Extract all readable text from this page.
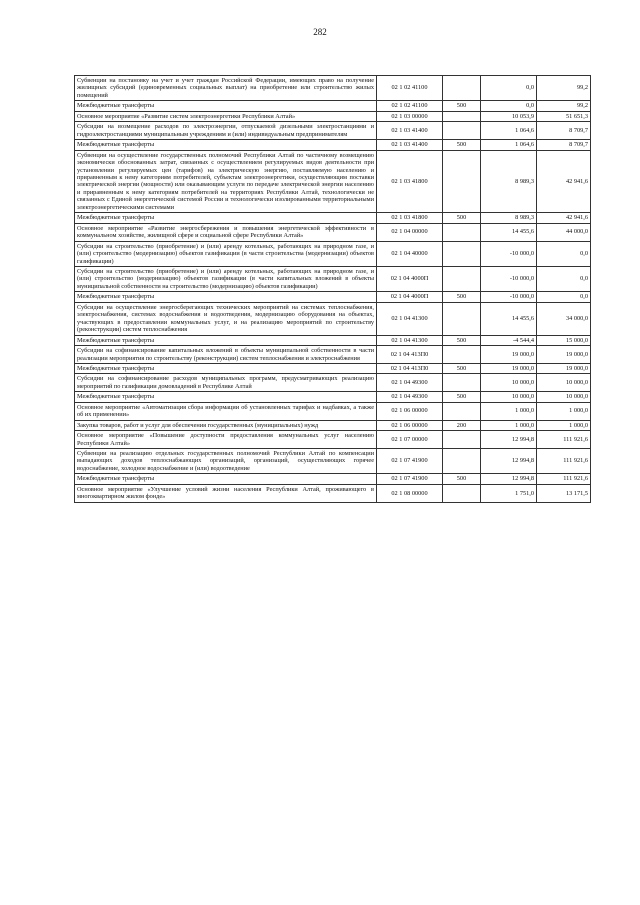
282
Субвенции на постановку на учет и учет граждан Российской Федерации, имеющих право на получение жилищных субсидий (единовременных социальных выплат) на приобретение или строительство жилых помещений	02 1 02 41100		0,0	99,2
Межбюджетные трансферты	02 1 02 41100	500	0,0	99,2
Основное мероприятие «Развитие систем электроэнергетики Республики Алтай»	02 1 03 00000		10 053,9	51 651,3
Субсидии на возмещение расходов по электроэнергии, отпускаемой дизельными электростанциями и гидроэлектростанциями муниципальным учреждениям и (или) индивидуальным предпринимателям	02 1 03 41400		1 064,6	8 709,7
Межбюджетные трансферты	02 1 03 41400	500	1 064,6	8 709,7
Субвенции на осуществление государственных полномочий Республики Алтай по частичному возмещению экономически обоснованных затрат, связанных с осуществлением регулируемых видов деятельности при установлении регулируемых цен (тарифов) на электрическую энергию, поставляемую населению и приравненным к нему категориям потребителей, субъектам электроэнергетики, осуществляющим поставки электрической энергии (мощности) или оказывающим услуги по передаче электрической энергии населению и приравненным к нему категориям потребителей на территориях Республики Алтай, технологически не связанных с Единой энергетической системой России и технологически изолированными территориальными электроэнергетическими системами	02 1 03 41800		8 989,3	42 941,6
Межбюджетные трансферты	02 1 03 41800	500	8 989,3	42 941,6
Основное мероприятие «Развитие энергосбережения и повышения энергетической эффективности в коммунальном хозяйстве, жилищной сфере и социальной сфере Республики Алтай»	02 1 04 00000		14 455,6	44 000,0
Субсидии на строительство (приобретение) и (или) аренду котельных, работающих на природном газе, и (или) строительство (модернизацию) объектов газификации (в части строительства (модернизации) объектов газификации)	02 1 04 40000		-10 000,0	0,0
Субсидии на строительство (приобретение) и (или) аренду котельных, работающих на природном газе, и (или) строительство (модернизацию) объектов газификации (в части капитальных вложений в объекты муниципальной собственности на строительство (модернизацию) объектов газификации)	02 1 04 4000П		-10 000,0	0,0
Межбюджетные трансферты	02 1 04 4000П	500	-10 000,0	0,0
Субсидии на осуществление энергосберегающих технических мероприятий на системах теплоснабжения, электроснабжения, системах водоснабжения и водоотведения, модернизацию оборудования на объектах, участвующих в предоставлении коммунальных услуг, и на реализацию мероприятий по строительству (реконструкции) систем теплоснабжения	02 1 04 41300		14 455,6	34 000,0
Межбюджетные трансферты	02 1 04 41300	500	-4 544,4	15 000,0
Субсидии на софинансирование капитальных вложений в объекты муниципальной собственности в части реализации мероприятия по строительству (реконструкции) систем теплоснабжения и электроснабжения	02 1 04 413П0		19 000,0	19 000,0
Межбюджетные трансферты	02 1 04 413П0	500	19 000,0	19 000,0
Субсидии на софинансирование расходов муниципальных программ, предусматривающих реализацию мероприятий по газификации домовладений в Республике Алтай	02 1 04 49300		10 000,0	10 000,0
Межбюджетные трансферты	02 1 04 49300	500	10 000,0	10 000,0
Основное мероприятие «Автоматизация сбора информации об установленных тарифах и надбавках, а также об их применении»	02 1 06 00000		1 000,0	1 000,0
Закупка товаров, работ и услуг для обеспечения государственных (муниципальных) нужд	02 1 06 00000	200	1 000,0	1 000,0
Основное мероприятие «Повышение доступности предоставления коммунальных услуг населению Республики Алтай»	02 1 07 00000		12 994,8	111 921,6
Субвенции на реализацию отдельных государственных полномочий Республики Алтай по компенсации выпадающих доходов теплоснабжающих организаций, организаций, осуществляющих горячее водоснабжение, холодное водоснабжение и (или) водоотведение	02 1 07 41900		12 994,8	111 921,6
Межбюджетные трансферты	02 1 07 41900	500	12 994,8	111 921,6
Основное мероприятие «Улучшение условий жизни населения Республики Алтай, проживающего в многоквартирном жилом фонде»	02 1 08 00000		1 751,0	13 171,5
